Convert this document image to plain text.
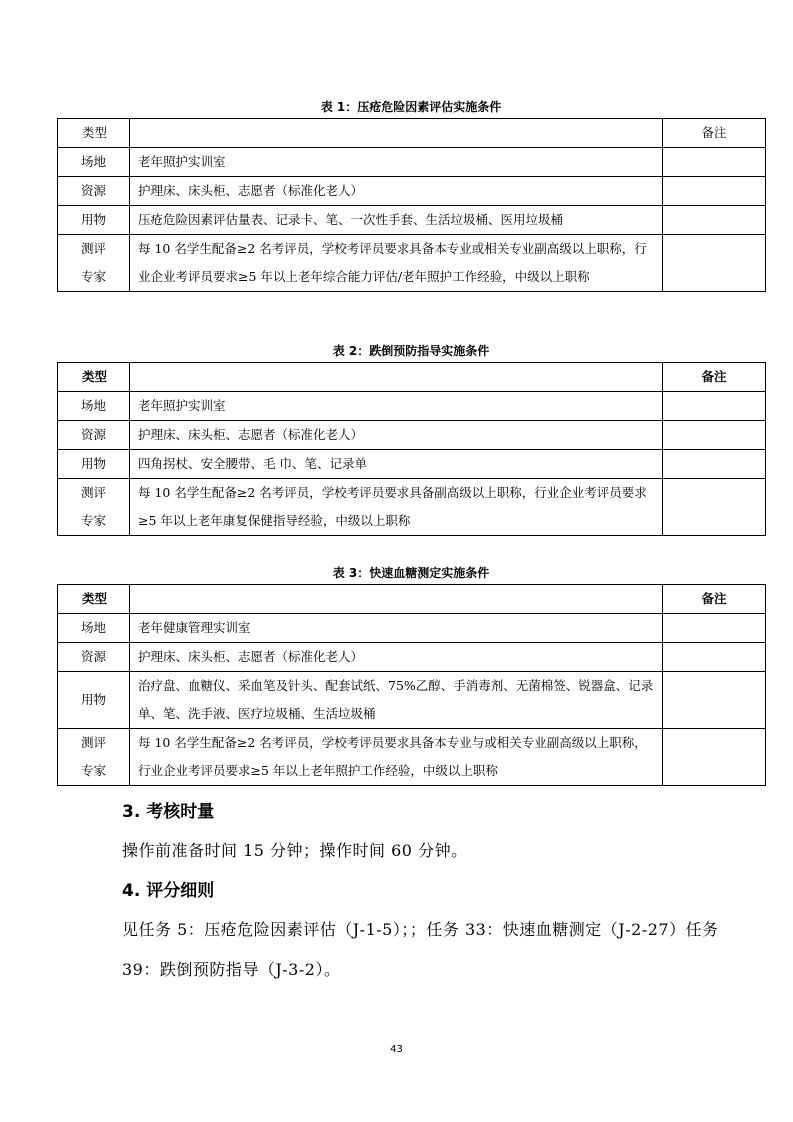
表 1：压疮危险因素评估实施条件
类型		备注
场地	老年照护实训室	
资源	护理床、床头柜、志愿者（标准化老人）	
用物	压疮危险因素评估量表、记录卡、笔、一次性手套、生活垃圾桶、医用垃圾桶	

测评
专家	每 10 名学生配备≥2 名考评员，学校考评员要求具备本专业或相关专业副高级以上职称，行业企业考评员要求≥5 年以上老年综合能力评估/老年照护工作经验，中级以上职称	
表 2：跌倒预防指导实施条件
类型		备注
场地	老年照护实训室	
资源	护理床、床头柜、志愿者（标准化老人）	
用物	四角拐杖、安全腰带、毛 巾、笔、记录单	

测评
专家	每 10 名学生配备≥2 名考评员，学校考评员要求具备副高级以上职称，行业企业考评员要求≥5 年以上老年康复保健指导经验，中级以上职称	
表 3：快速血糖测定实施条件
类型		备注
场地	老年健康管理实训室	
资源	护理床、床头柜、志愿者（标准化老人）	
用物	治疗盘、血糖仪、采血笔及针头、配套试纸、75%乙醇、手消毒剂、无菌棉签、锐器盒、记录单、笔、洗手液、医疗垃圾桶、生活垃圾桶	

测评
专家	每 10 名学生配备≥2 名考评员，学校考评员要求具备本专业与或相关专业副高级以上职称，行业企业考评员要求≥5 年以上老年照护工作经验，中级以上职称	
3. 考核时量
操作前准备时间 15 分钟；操作时间 60 分钟。
4. 评分细则
见任务 5：压疮危险因素评估（J-1-5）；；任务 33：快速血糖测定（J-2-27）任务 39：跌倒预防指导（J-3-2）。
43
